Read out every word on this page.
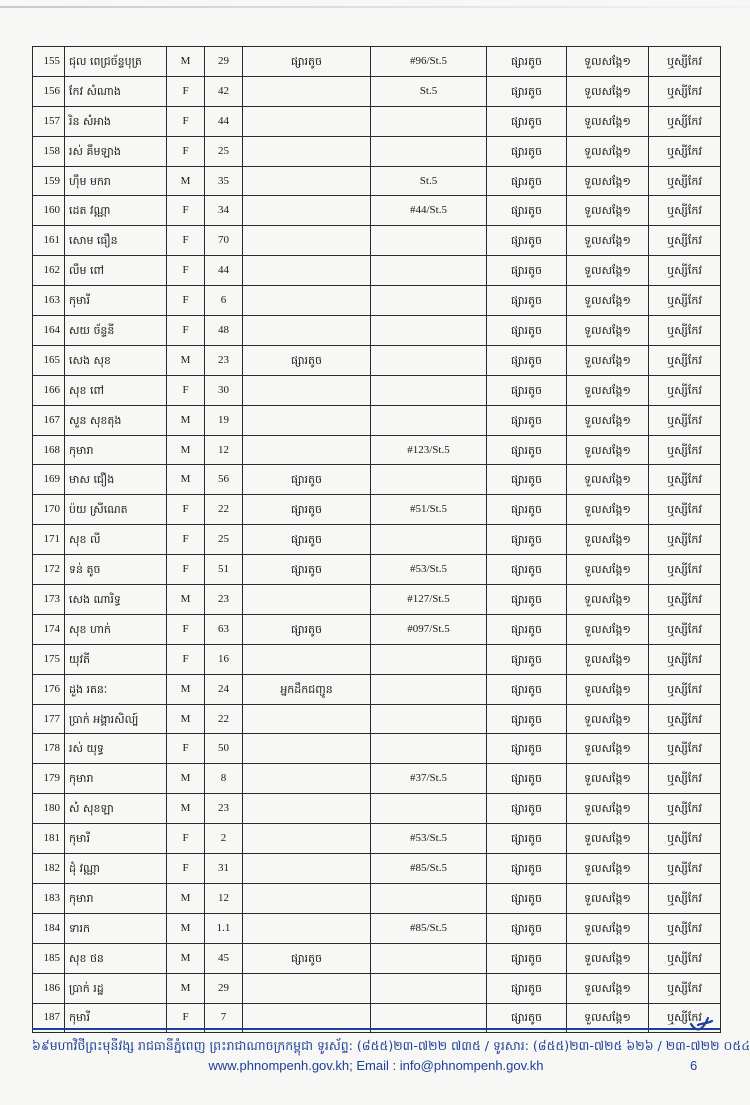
155	ជុល ពេជ្រច័ន្ទបុត្រ	M	29	ផ្សារតូច	#96/St.5	ផ្សារតូច	ទួលសង្កែ១	ឬស្សីកែវ
156	កែវ សំណាង	F	42		St.5	ផ្សារតូច	ទួលសង្កែ១	ឬស្សីកែវ
157	រិន សំអាង	F	44			ផ្សារតូច	ទួលសង្កែ១	ឬស្សីកែវ
158	រស់ គឹមឡាង	F	25			ផ្សារតូច	ទួលសង្កែ១	ឬស្សីកែវ
159	ហ៊ឹម មករា	M	35		St.5	ផ្សារតូច	ទួលសង្កែ១	ឬស្សីកែវ
160	ដេត វណ្ណា	F	34		#44/St.5	ផ្សារតូច	ទួលសង្កែ១	ឬស្សីកែវ
161	សោម ធឿន	F	70			ផ្សារតូច	ទួលសង្កែ១	ឬស្សីកែវ
162	លឹម ពៅ	F	44			ផ្សារតូច	ទួលសង្កែ១	ឬស្សីកែវ
163	កុមារី	F	6			ផ្សារតូច	ទួលសង្កែ១	ឬស្សីកែវ
164	សយ ច័ន្ទនី	F	48			ផ្សារតូច	ទួលសង្កែ១	ឬស្សីកែវ
165	សេង សុខ	M	23	ផ្សារតូច		ផ្សារតូច	ទួលសង្កែ១	ឬស្សីកែវ
166	សុខ ពៅ	F	30			ផ្សារតូច	ទួលសង្កែ១	ឬស្សីកែវ
167	សួន សុខតុង	M	19			ផ្សារតូច	ទួលសង្កែ១	ឬស្សីកែវ
168	កុមារា	M	12		#123/St.5	ផ្សារតូច	ទួលសង្កែ១	ឬស្សីកែវ
169	មាស ជឿង	M	56	ផ្សារតូច		ផ្សារតូច	ទួលសង្កែ១	ឬស្សីកែវ
170	ប៉យ ស្រីណេត	F	22	ផ្សារតូច	#51/St.5	ផ្សារតូច	ទួលសង្កែ១	ឬស្សីកែវ
171	សុខ លី	F	25	ផ្សារតូច		ផ្សារតូច	ទួលសង្កែ១	ឬស្សីកែវ
172	ទន់ តូច	F	51	ផ្សារតូច	#53/St.5	ផ្សារតូច	ទួលសង្កែ១	ឬស្សីកែវ
173	សេង ណារិទ្ធ	M	23		#127/St.5	ផ្សារតូច	ទួលសង្កែ១	ឬស្សីកែវ
174	សុខ ហាក់	F	63	ផ្សារតូច	#097/St.5	ផ្សារតូច	ទួលសង្កែ១	ឬស្សីកែវ
175	យុវតី	F	16			ផ្សារតូច	ទួលសង្កែ១	ឬស្សីកែវ
176	ដួង រតនៈ	M	24	អ្នកដឹកជញ្ជូន		ផ្សារតូច	ទួលសង្កែ១	ឬស្សីកែវ
177	ប្រាក់ អង្គារសិល្ប៍	M	22			ផ្សារតូច	ទួលសង្កែ១	ឬស្សីកែវ
178	រស់ យុទ្ធ	F	50			ផ្សារតូច	ទួលសង្កែ១	ឬស្សីកែវ
179	កុមារា	M	8		#37/St.5	ផ្សារតូច	ទួលសង្កែ១	ឬស្សីកែវ
180	សំ សុខឡា	M	23			ផ្សារតូច	ទួលសង្កែ១	ឬស្សីកែវ
181	កុមារី	F	2		#53/St.5	ផ្សារតូច	ទួលសង្កែ១	ឬស្សីកែវ
182	ដុំ វណ្ណា	F	31		#85/St.5	ផ្សារតូច	ទួលសង្កែ១	ឬស្សីកែវ
183	កុមារា	M	12			ផ្សារតូច	ទួលសង្កែ១	ឬស្សីកែវ
184	ទារក	M	1.1		#85/St.5	ផ្សារតូច	ទួលសង្កែ១	ឬស្សីកែវ
185	សុខ ថន	M	45	ផ្សារតូច		ផ្សារតូច	ទួលសង្កែ១	ឬស្សីកែវ
186	ប្រាក់ រដ្ឋ	M	29			ផ្សារតូច	ទួលសង្កែ១	ឬស្សីកែវ
187	កុមារី	F	7			ផ្សារតូច	ទួលសង្កែ១	ឬស្សីកែវ
៦៩មហាវិថីព្រះមុនីវង្ស រាជធានីភ្នំពេញ ព្រះរាជាណាចក្រកម្ពុជា ទូរស័ព្ទ: (៨៥៥)២៣-៧២២ ៧៣៥ / ទូរសារ: (៨៥៥)២៣-៧២៥ ៦២៦ / ២៣-៧២២ ០៥៤
www.phnompenh.gov.kh; Email : info@phnompenh.gov.kh	6
